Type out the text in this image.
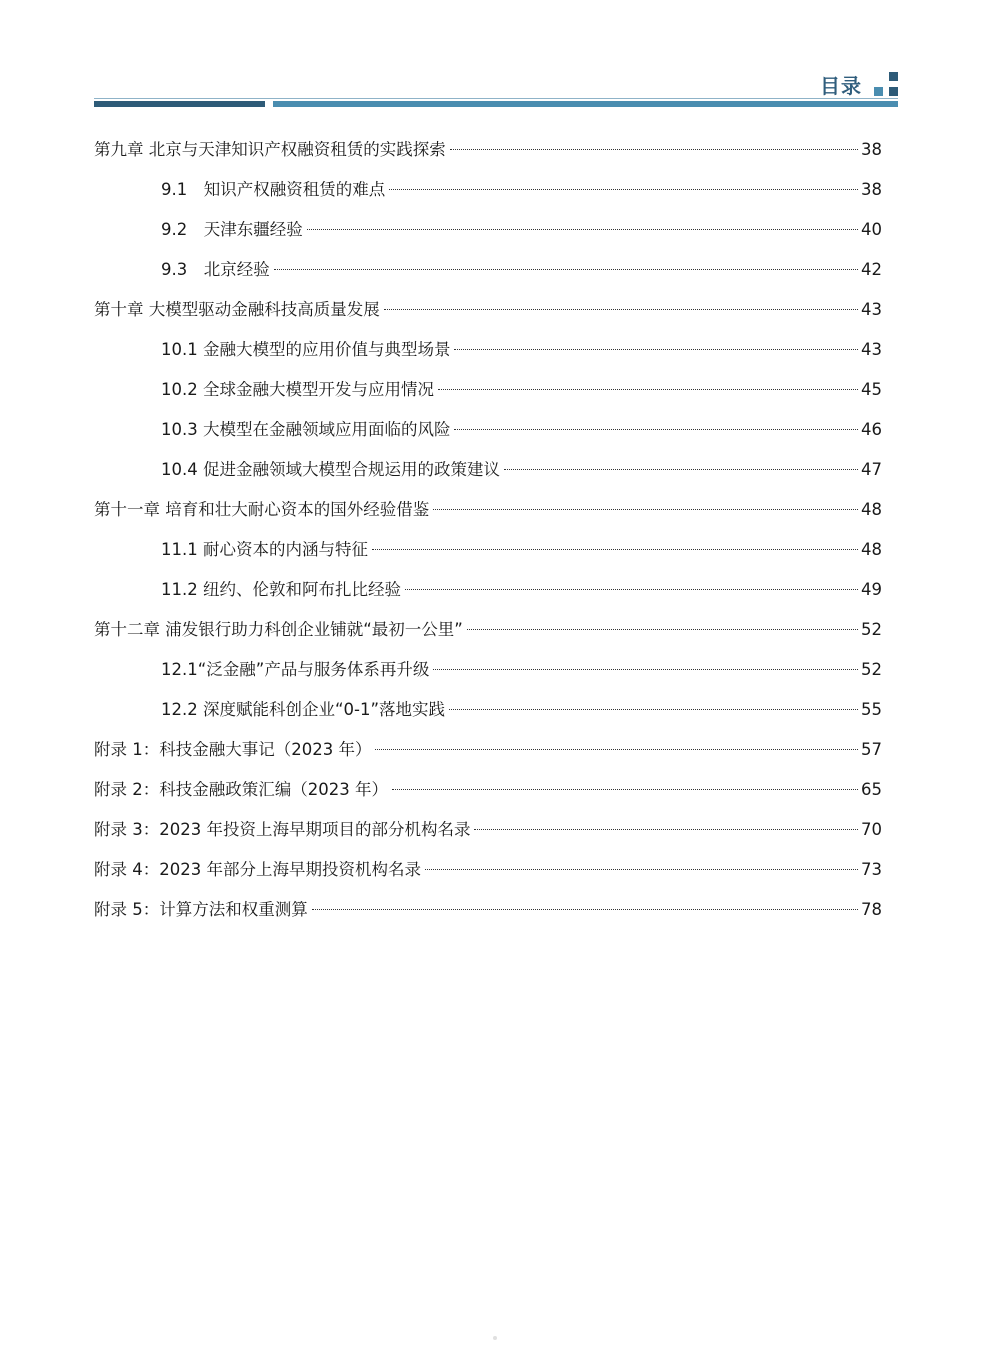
目录
第九章 北京与天津知识产权融资租赁的实践探索	38
9.1　知识产权融资租赁的难点	38
9.2　天津东疆经验	40
9.3　北京经验	42
第十章 大模型驱动金融科技高质量发展	43
10.1 金融大模型的应用价值与典型场景	43
10.2 全球金融大模型开发与应用情况	45
10.3 大模型在金融领域应用面临的风险	46
10.4 促进金融领域大模型合规运用的政策建议	47
第十一章 培育和壮大耐心资本的国外经验借鉴	48
11.1 耐心资本的内涵与特征	48
11.2 纽约、伦敦和阿布扎比经验	49
第十二章 浦发银行助力科创企业铺就“最初一公里”	52
12.1“泛金融”产品与服务体系再升级	52
12.2 深度赋能科创企业“0-1”落地实践	55
附录 1：科技金融大事记（2023 年）	57
附录 2：科技金融政策汇编（2023 年）	65
附录 3：2023 年投资上海早期项目的部分机构名录	70
附录 4：2023 年部分上海早期投资机构名录	73
附录 5：计算方法和权重测算	78
